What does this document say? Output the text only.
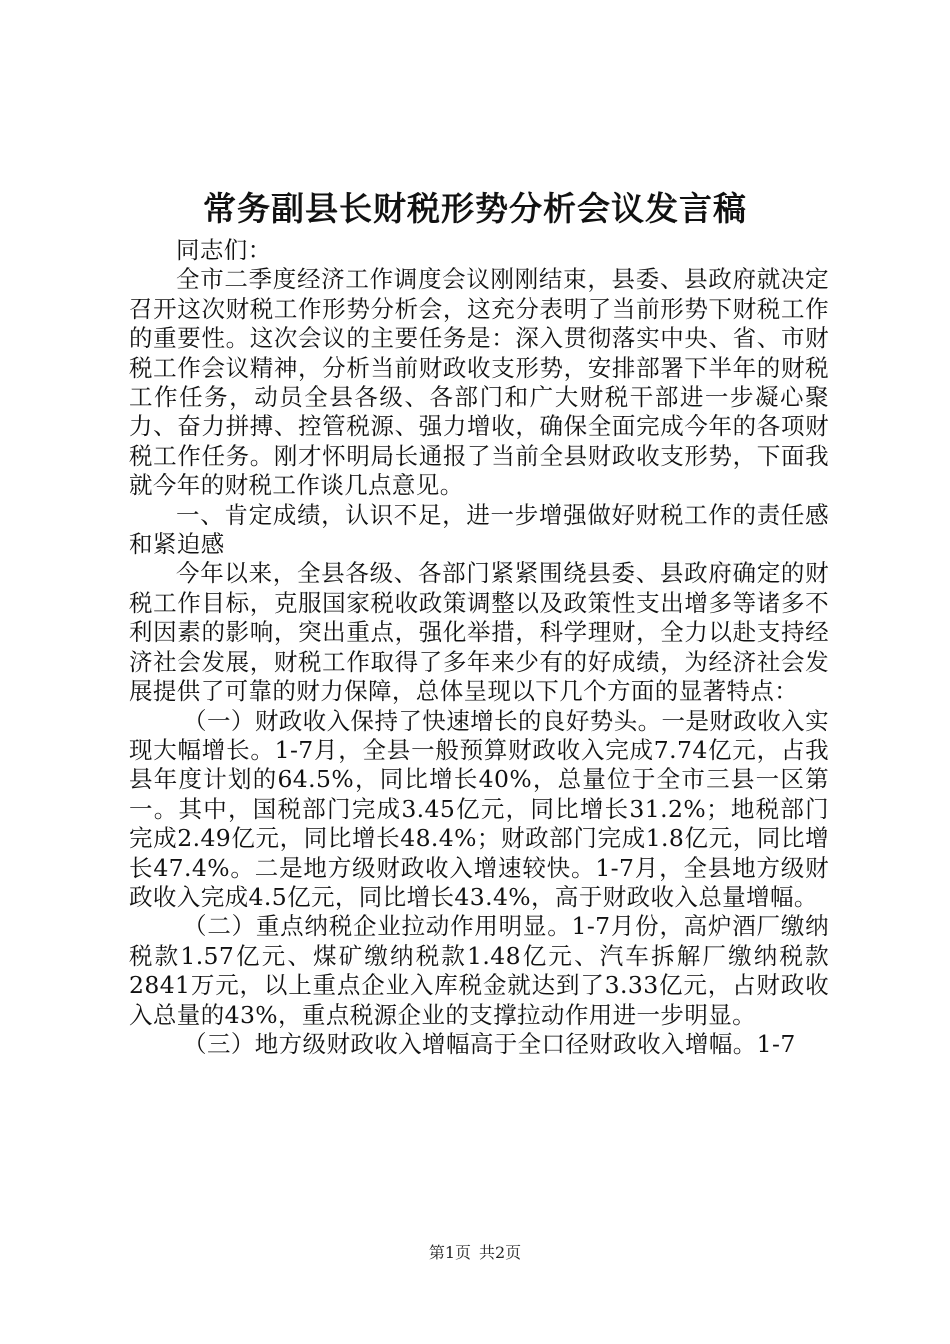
常务副县长财税形势分析会议发言稿

同志们：

全市二季度经济工作调度会议刚刚结束，县委、县政府就决定召开这次财税工作形势分析会，这充分表明了当前形势下财税工作的重要性。这次会议的主要任务是：深入贯彻落实中央、省、市财税工作会议精神，分析当前财政收支形势，安排部署下半年的财税工作任务，动员全县各级、各部门和广大财税干部进一步凝心聚力、奋力拼搏、控管税源、强力增收，确保全面完成今年的各项财税工作任务。刚才怀明局长通报了当前全县财政收支形势，下面我就今年的财税工作谈几点意见。

一、肯定成绩，认识不足，进一步增强做好财税工作的责任感和紧迫感

今年以来，全县各级、各部门紧紧围绕县委、县政府确定的财税工作目标，克服国家税收政策调整以及政策性支出增多等诸多不利因素的影响，突出重点，强化举措，科学理财，全力以赴支持经济社会发展，财税工作取得了多年来少有的好成绩，为经济社会发展提供了可靠的财力保障，总体呈现以下几个方面的显著特点：

（一）财政收入保持了快速增长的良好势头。一是财政收入实现大幅增长。1-7月，全县一般预算财政收入完成7.74亿元，占我县年度计划的64.5%，同比增长40%，总量位于全市三县一区第一。其中，国税部门完成3.45亿元，同比增长31.2%；地税部门完成2.49亿元，同比增长48.4%；财政部门完成1.8亿元，同比增长47.4%。二是地方级财政收入增速较快。1-7月，全县地方级财政收入完成4.5亿元，同比增长43.4%，高于财政收入总量增幅。

（二）重点纳税企业拉动作用明显。1-7月份，高炉酒厂缴纳税款1.57亿元、煤矿缴纳税款1.48亿元、汽车拆解厂缴纳税款2841万元，以上重点企业入库税金就达到了3.33亿元，占财政收入总量的43%，重点税源企业的支撑拉动作用进一步明显。

（三）地方级财政收入增幅高于全口径财政收入增幅。1-7

第1页 共2页
